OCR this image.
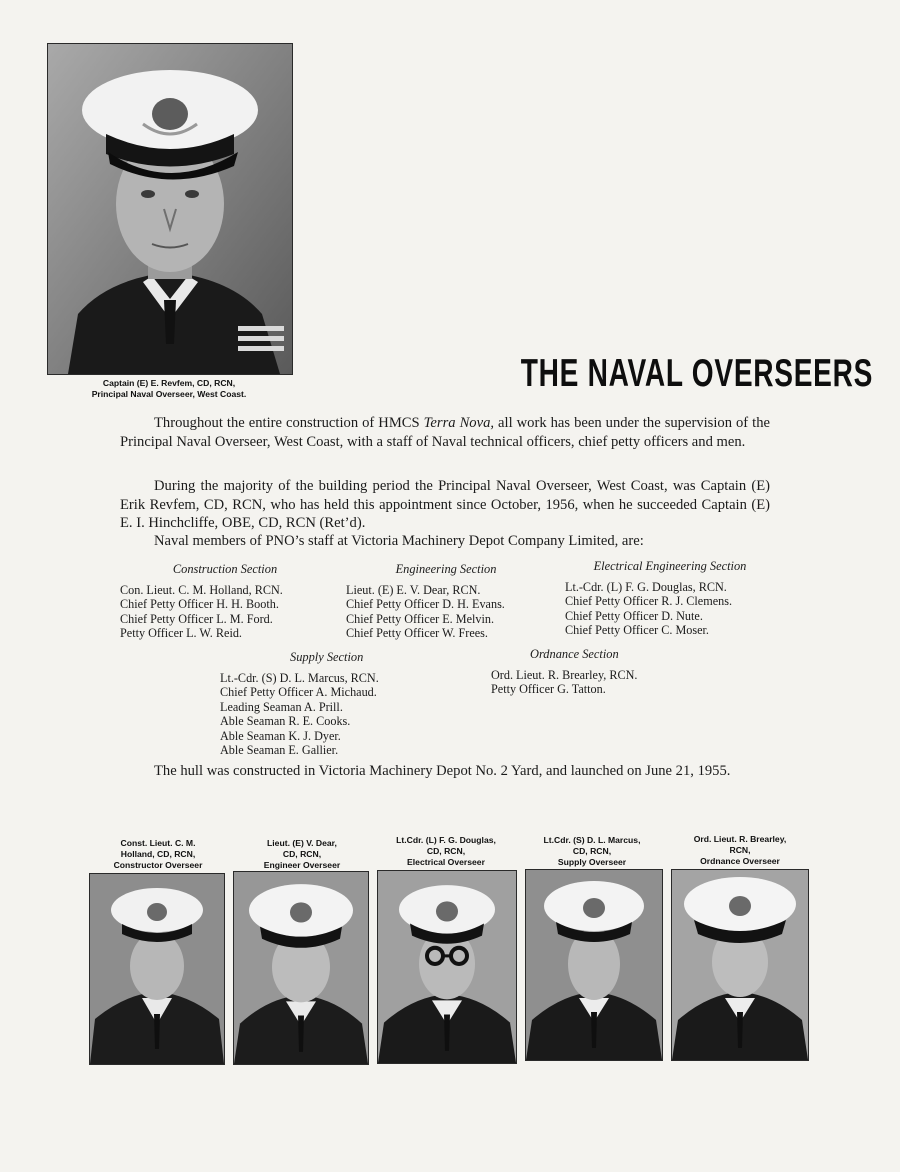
Captain (E) E. Revfem, CD, RCN,
Principal Naval Overseer, West Coast.	THE NAVAL OVERSEERS

Throughout the entire construction of HMCS Terra Nova, all work has been under the supervision of the Principal Naval Overseer, West Coast, with a staff of Naval technical officers, chief petty officers and men.

During the majority of the building period the Principal Naval Overseer, West Coast, was Captain (E) Erik Revfem, CD, RCN, who has held this appointment since October, 1956, when he succeeded Captain (E) E. I. Hinchcliffe, OBE, CD, RCN (Ret’d).

Naval members of PNO’s staff at Victoria Machinery Depot Company Limited, are:

Construction Section
Con. Lieut. C. M. Holland, RCN.
Chief Petty Officer H. H. Booth.
Chief Petty Officer L. M. Ford.
Petty Officer L. W. Reid.
Engineering Section
Lieut. (E) E. V. Dear, RCN.
Chief Petty Officer D. H. Evans.
Chief Petty Officer E. Melvin.
Chief Petty Officer W. Frees.
Electrical Engineering Section
Lt.-Cdr. (L) F. G. Douglas, RCN.
Chief Petty Officer R. J. Clemens.
Chief Petty Officer D. Nute.
Chief Petty Officer C. Moser.
Supply Section
Lt.-Cdr. (S) D. L. Marcus, RCN.
Chief Petty Officer A. Michaud.
Leading Seaman A. Prill.
Able Seaman R. E. Cooks.
Able Seaman K. J. Dyer.
Able Seaman E. Gallier.
Ordnance Section
Ord. Lieut. R. Brearley, RCN.
Petty Officer G. Tatton.

The hull was constructed in Victoria Machinery Depot No. 2 Yard, and launched on June 21, 1955.

Const. Lieut. C. M.
Holland, CD, RCN,
Constructor Overseer
Lieut. (E) V. Dear,
CD, RCN,
Engineer Overseer
Lt.Cdr. (L) F. G. Douglas,
CD, RCN,
Electrical Overseer
Lt.Cdr. (S) D. L. Marcus,
CD, RCN,
Supply Overseer
Ord. Lieut. R. Brearley,
RCN,
Ordnance Overseer
